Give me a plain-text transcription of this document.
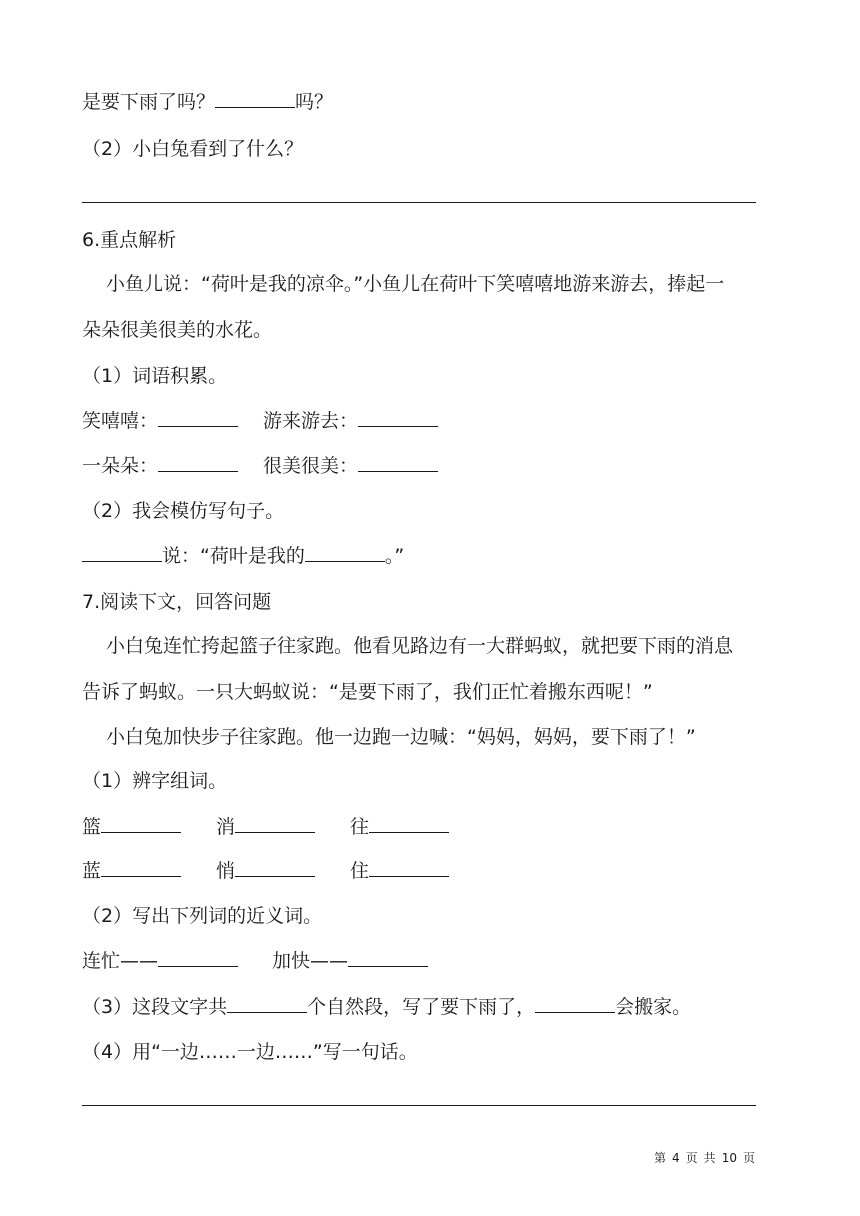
是要下雨了吗？	吗？
（2）小白兔看到了什么？
6.重点解析
小鱼儿说：“荷叶是我的凉伞。”小鱼儿在荷叶下笑嘻嘻地游来游去，捧起一
朵朵很美很美的水花。
（1）词语积累。
笑嘻嘻：	游来游去：
一朵朵：	很美很美：
（2）我会模仿写句子。
说：“荷叶是我的	。”
7.阅读下文，回答问题
小白兔连忙挎起篮子往家跑。他看见路边有一大群蚂蚁，就把要下雨的消息
告诉了蚂蚁。一只大蚂蚁说：“是要下雨了，我们正忙着搬东西呢！”
小白兔加快步子往家跑。他一边跑一边喊：“妈妈，妈妈，要下雨了！”
（1）辨字组词。
篮	消	往
蓝	悄	住
（2）写出下列词的近义词。
连忙——	加快——
（3）这段文字共	个自然段，写了要下雨了，	会搬家。
（4）用“一边……一边……”写一句话。
第 4 页 共 10 页
